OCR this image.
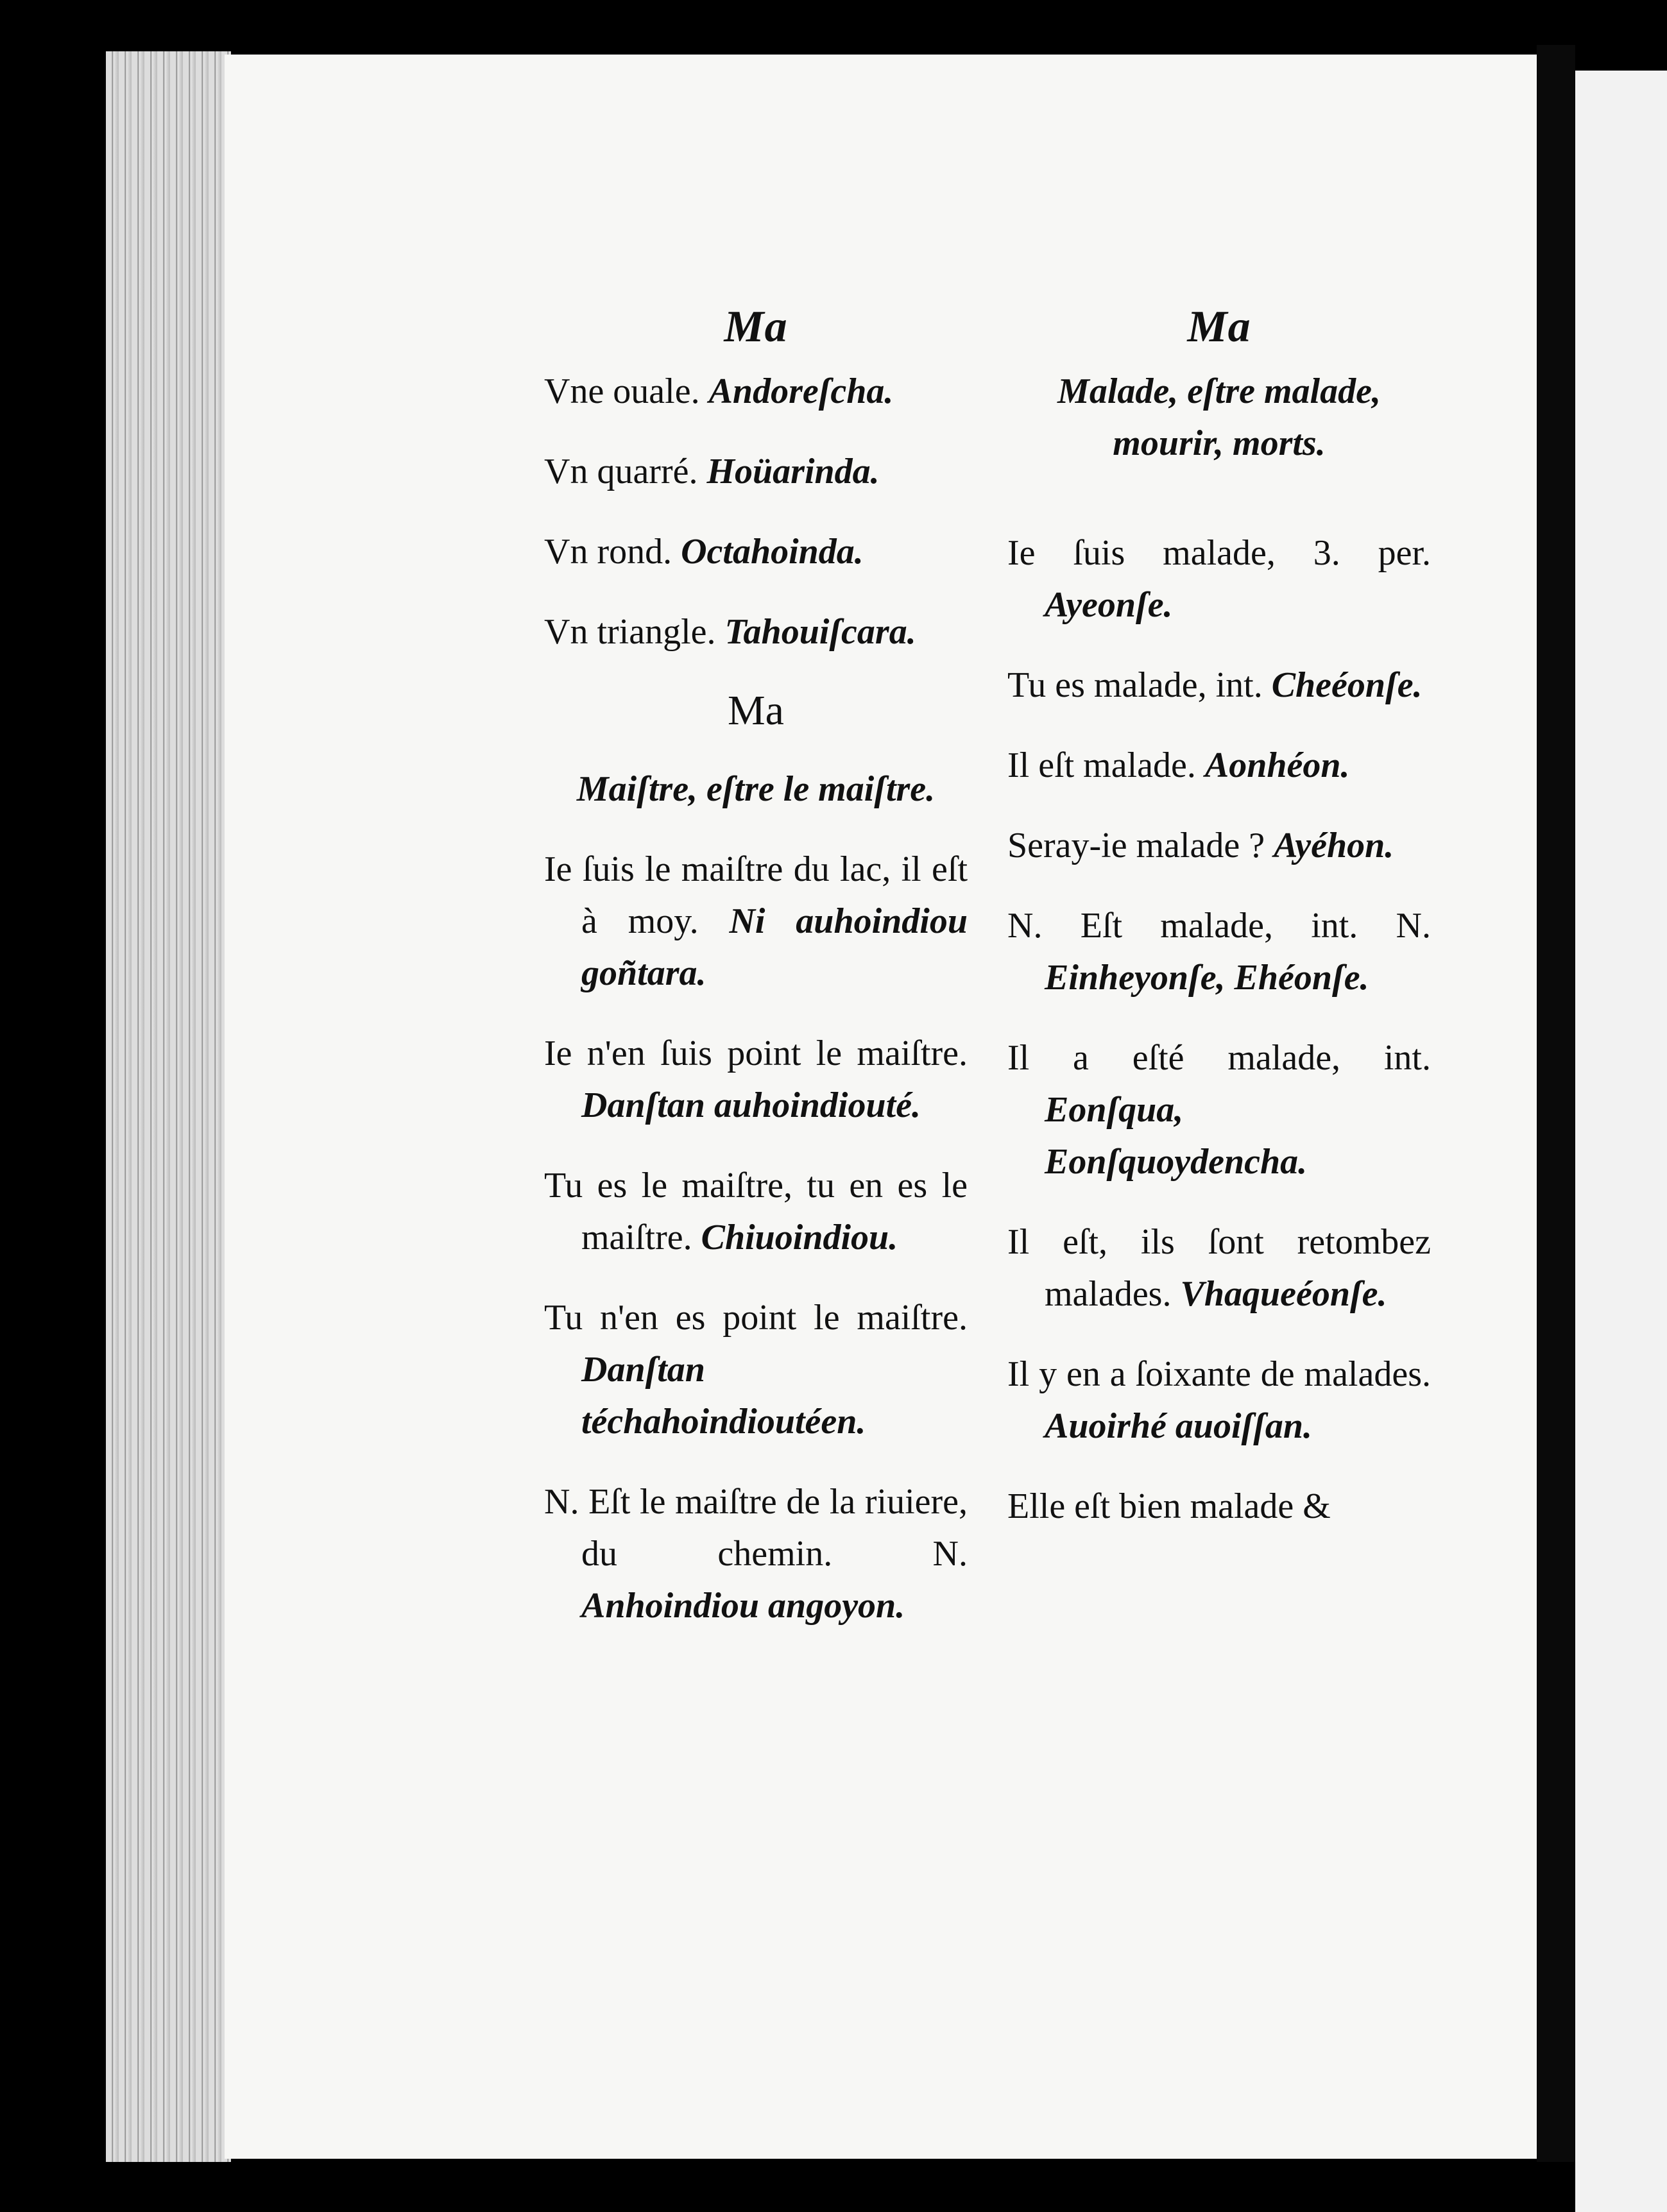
Ma
Vne ouale. Andoreſcha.
Vn quarré. Hoüarinda.
Vn rond. Octahoinda.
Vn triangle. Tahouiſcara.
Ma
Maiſtre, eſtre le maiſtre.
Ie ſuis le maiſtre du lac, il eſt à moy. Ni auhoindiou goñtara.
Ie n'en ſuis point le maiſtre. Danſtan auhoindiouté.
Tu es le maiſtre, tu en es le maiſtre. Chiuoindiou.
Tu n'en es point le maiſtre. Danſtan téchahoindioutéen.
N. Eſt le maiſtre de la riuiere, du chemin. N. Anhoindiou angoyon.
Ma
Malade, eſtre malade, mourir, morts.
Ie ſuis malade, 3. per. Ayeonſe.
Tu es malade, int. Cheéonſe.
Il eſt malade. Aonhéon.
Seray-ie malade ? Ayéhon.
N. Eſt malade, int. N. Einheyonſe, Ehéonſe.
Il a eſté malade, int. Eonſqua, Eonſquoydencha.
Il eſt, ils ſont retombez malades. Vhaqueéonſe.
Il y en a ſoixante de malades. Auoirhé auoiſſan.
Elle eſt bien malade &
